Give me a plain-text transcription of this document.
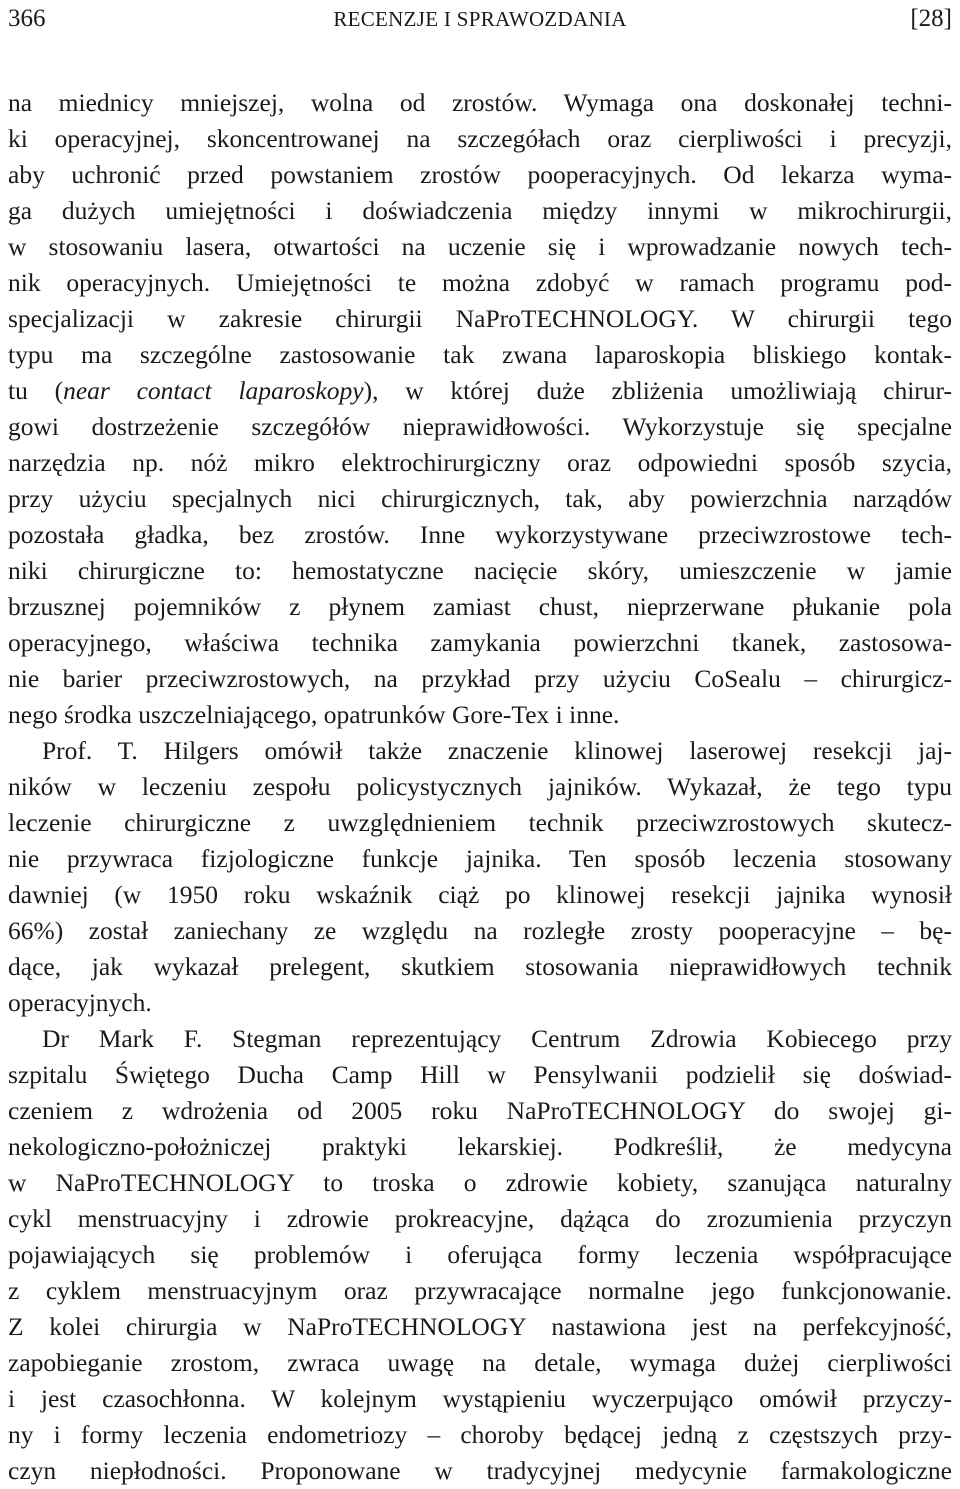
366	RECENZJE I SPRAWOZDANIA	[28]
na miednicy mniejszej, wolna od zrostów. Wymaga ona doskonałej techni-
ki operacyjnej, skoncentrowanej na szczegółach oraz cierpliwości i precyzji,
aby uchronić przed powstaniem zrostów pooperacyjnych. Od lekarza wyma-
ga dużych umiejętności i doświadczenia między innymi w mikrochirurgii,
w stosowaniu lasera, otwartości na uczenie się i wprowadzanie nowych tech-
nik operacyjnych. Umiejętności te można zdobyć w ramach programu pod-
specjalizacji w zakresie chirurgii NaProTECHNOLOGY. W chirurgii tego
typu ma szczególne zastosowanie tak zwana laparoskopia bliskiego kontak-
tu (near contact laparoskopy), w której duże zbliżenia umożliwiają chirur-
gowi dostrzeżenie szczegółów nieprawidłowości. Wykorzystuje się specjalne
narzędzia np. nóż mikro elektrochirurgiczny oraz odpowiedni sposób szycia,
przy użyciu specjalnych nici chirurgicznych, tak, aby powierzchnia narządów
pozostała gładka, bez zrostów. Inne wykorzystywane przeciwzrostowe tech-
niki chirurgiczne to: hemostatyczne nacięcie skóry, umieszczenie w jamie
brzusznej pojemników z płynem zamiast chust, nieprzerwane płukanie pola
operacyjnego, właściwa technika zamykania powierzchni tkanek, zastosowa-
nie barier przeciwzrostowych, na przykład przy użyciu CoSealu – chirurgicz-
nego środka uszczelniającego, opatrunków Gore-Tex i inne.
Prof. T. Hilgers omówił także znaczenie klinowej laserowej resekcji jaj-
ników w leczeniu zespołu policystycznych jajników. Wykazał, że tego typu
leczenie chirurgiczne z uwzględnieniem technik przeciwzrostowych skutecz-
nie przywraca fizjologiczne funkcje jajnika. Ten sposób leczenia stosowany
dawniej (w 1950 roku wskaźnik ciąż po klinowej resekcji jajnika wynosił
66%) został zaniechany ze względu na rozległe zrosty pooperacyjne – bę-
dące, jak wykazał prelegent, skutkiem stosowania nieprawidłowych technik
operacyjnych.
Dr Mark F. Stegman reprezentujący Centrum Zdrowia Kobiecego przy
szpitalu Świętego Ducha Camp Hill w Pensylwanii podzielił się doświad-
czeniem z wdrożenia od 2005 roku NaProTECHNOLOGY do swojej gi-
nekologiczno-położniczej praktyki lekarskiej. Podkreślił, że medycyna
w NaProTECHNOLOGY to troska o zdrowie kobiety, szanująca naturalny
cykl menstruacyjny i zdrowie prokreacyjne, dążąca do zrozumienia przyczyn
pojawiających się problemów i oferująca formy leczenia współpracujące
z cyklem menstruacyjnym oraz przywracające normalne jego funkcjonowanie.
Z kolei chirurgia w NaProTECHNOLOGY nastawiona jest na perfekcyjność,
zapobieganie zrostom, zwraca uwagę na detale, wymaga dużej cierpliwości
i jest czasochłonna. W kolejnym wystąpieniu wyczerpująco omówił przyczy-
ny i formy leczenia endometriozy – choroby będącej jedną z częstszych przy-
czyn niepłodności. Proponowane w tradycyjnej medycynie farmakologiczne
